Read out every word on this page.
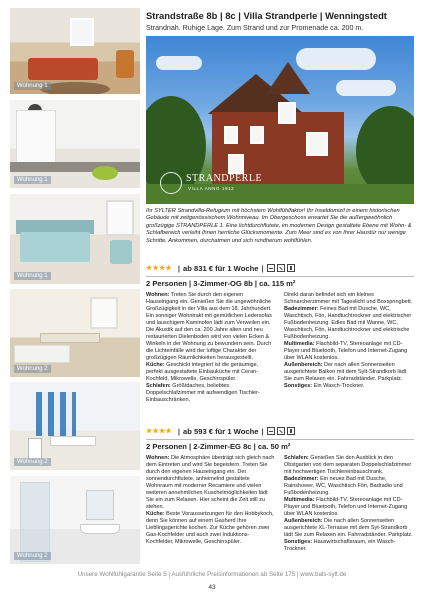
Wohnung 1
Wohnung 1
Wohnung 1
Wohnung 2
Wohnung 2
Wohnung 2
Strandstraße 8b | 8c | Villa Strandperle | Wenningstedt
Strandnah. Ruhige Lage. Zum Strand und zur Promenade ca. 200 m.
STRANDPERLE
VILLA ANNO 1912
Ihr SYLTER Strandvilla-Refugium mit höchstem Wohlfühlfaktor! Ihr Inseldomizil in einem historischen Gebäude mit zeitgenössischem Wohnniveau. Im Obergeschoss erwartet Sie die außergewöhnlich großzügige STRANDPERLE 1. Eine lichtdurchflutete, im modernen Design gestaltete Ebene mit Wohn- & Schlafbereich verleiht Ihnen herrliche Glücksmomente. Zum Meer sind es von Ihrer Haustür nur wenige Schritte. Ankommen, durchatmen und sich rundherum wohlfühlen.
★★★★ | ab 831 € für 1 Woche |
2 Personen | 3-Zimmer-OG 8b | ca. 115 m²
Wohnen: Treten Sie durch den eigenen Hauseingang ein. Genießen Sie die ungewöhnliche Großzügigkeit in der Villa aus dem 18. Jahrhundert. Ein sonniger Wohntrakt mit gemütlichen Ledersofas und lauschigem Kaminofen lädt zum Verweilen ein. Die Akustik auf den ca. 200 Jahre alten und neu restaurierten Dielenboden wird von vielen Ecken & Winkeln in der Wohnung zu bewundern sein. Durch die Lichteinfälle wird der luftige Charakter der großzügigen Räumlichkeiten herausgestellt.
Küche: Geschickt integriert ist die geräumige, perfekt ausgestattete Einbauküche mit Ceran-Kochfeld, Mikrowelle, Geschirrspüler.
Schlafen: Größtdaches, beliebtes Doppelschlafzimmer mit aufwendigen Tischler-Einbauschränken,
Direkt daran befindet sich ein kleines Schnarcherzimmer mit Tageslicht und Boxspringbett.
Badezimmer: Feines Bad mit Dusche, WC, Waschtisch, Fön, Handtuchtrockner und elektrischer Fußbodenheizung. Edles Bad mit Wanne, WC, Waschtisch, Fön, Handtuchtrockner und elektrische Fußbodenheizung.
Multimedia: Flachbild-TV, Stereoanlage mit CD-Player und Bluetooth, Telefon und Internet-Zugang über WLAN kostenlos.
Außenbereich: Der nach allen Sonnenseiten ausgerichtete Balkon mit dem Sylt-Strandkorb lädt Sie zum Relaxen ein. Fahrradständer. Parkplatz.
Sonstiges: Ein Wasch-Trockner.
★★★★ | ab 593 € für 1 Woche |
2 Personen | 2-Zimmer-EG 8c | ca. 50 m²
Wohnen: Die Atmosphäre überträgt sich gleich nach dem Eintreten und wird Sie begeistern. Treten Sie durch den eigenen Hauseingang ein. Der sonnendurchflutete, anheimelnd gestaltete Wohnraum mit moderner Recamiere und vielen weiteren annehmlichen Kuschelmöglichkeiten lädt Sie ein zum Relaxen. Hier scheint die Zeit still zu stehen.
Küche: Beste Voraussetzungen für den Hobbykoch, denn Sie können auf einem Gasherd Ihre Lieblingsgerichte kochen. Zur Küche gehören zwei Gas-Kochfelder und auch zwei Induktions-Kochfelder, Mikrowelle, Geschirrspüler.
Schlafen: Genießen Sie den Ausblick in den Obstgarten von dem separaten Doppelschlafzimmer mit hochwertigen Tischlereinbauschrank.
Badezimmer: Ein neues Bad mit Dusche, Rainshower, WC, Waschtisch Fön, Badradio und Fußbodenheizung.
Multimedia: Flachbild-TV, Stereoanlage mit CD-Player und Bluetooth, Telefon und Internet-Zugang über WLAN kostenlos.
Außenbereich: Die nach allen Sonnenseiten ausgerichtete XL-Terrasse mit dem Syt-Strandkorb lädt Sie zum Relaxen ein. Fahrradständer. Parkplatz.
Sonstiges: Hauswirtschaftsraum, ein Wasch-Trockner.
Unsere Wohlfühlgarantie Seite 5 | Ausführliche Preisinformationen ab Seite 175 | www.bals-sylt.de
43
